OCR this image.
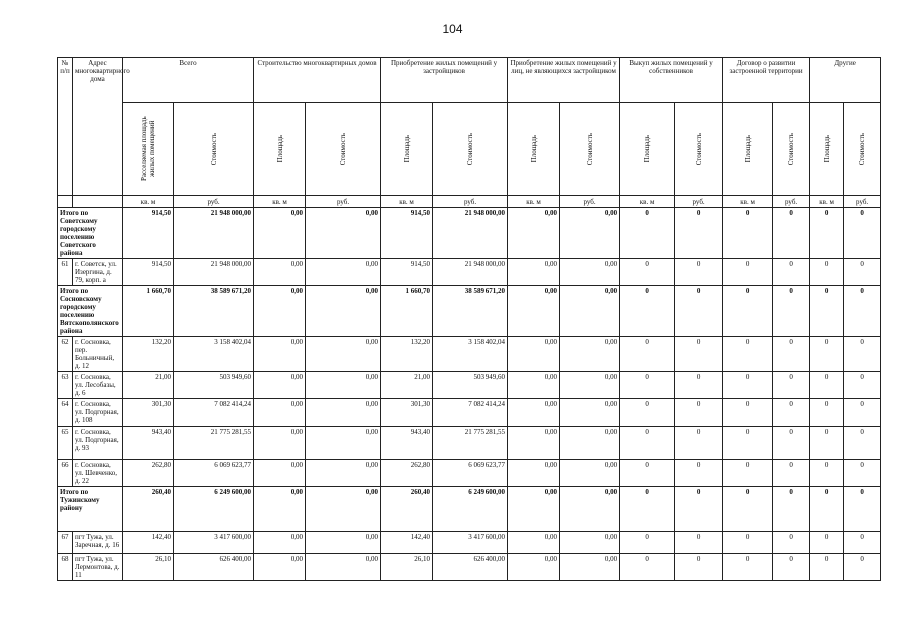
104
№ п/п	Адрес многоквартирного дома	Всего		Строительство многоквартирных домов		Приобретение жилых помещений у застройщиков		Приобретение жилых помещений у лиц, не являющихся застройщиком		Выкуп жилых помещений у собственников		Договор о развитии застроенной территории		Другие	

		Расселяемая площадь жилых помещений	Стоимость	Площадь	Стоимость	Площадь	Стоимость	Площадь	Стоимость	Площадь	Стоимость	Площадь	Стоимость	Площадь	Стоимость

		кв. м	руб.	кв. м	руб.	кв. м	руб.	кв. м	руб.	кв. м	руб.	кв. м	руб.	кв. м	руб.
Итого по Советскому городскому поселению Советского района		914,50	21 948 000,00	0,00	0,00	914,50	21 948 000,00	0,00	0,00	0	0	0	0	0	0
61	г. Советск, ул. Изергина, д. 79, корп. а	914,50	21 948 000,00	0,00	0,00	914,50	21 948 000,00	0,00	0,00	0	0	0	0	0	0
Итого по Сосновскому городскому поселению Вятскополянского района		1 660,70	38 589 671,20	0,00	0,00	1 660,70	38 589 671,20	0,00	0,00	0	0	0	0	0	0
62	г. Сосновка, пер. Больничный, д. 12	132,20	3 158 402,04	0,00	0,00	132,20	3 158 402,04	0,00	0,00	0	0	0	0	0	0
63	г. Сосновка, ул. Лесобазы, д. 6	21,00	503 949,60	0,00	0,00	21,00	503 949,60	0,00	0,00	0	0	0	0	0	0
64	г. Сосновка, ул. Подгорная, д. 108	301,30	7 082 414,24	0,00	0,00	301,30	7 082 414,24	0,00	0,00	0	0	0	0	0	0
65	г. Сосновка, ул. Подгорная, д. 93	943,40	21 775 281,55	0,00	0,00	943,40	21 775 281,55	0,00	0,00	0	0	0	0	0	0
66	г. Сосновка, ул. Шевченко, д. 22	262,80	6 069 623,77	0,00	0,00	262,80	6 069 623,77	0,00	0,00	0	0	0	0	0	0
Итого по Тужинскому району		260,40	6 249 600,00	0,00	0,00	260,40	6 249 600,00	0,00	0,00	0	0	0	0	0	0
67	пгт Тужа, ул. Заречная, д. 16	142,40	3 417 600,00	0,00	0,00	142,40	3 417 600,00	0,00	0,00	0	0	0	0	0	0
68	пгт Тужа, ул. Лермонтова, д. 11	26,10	626 400,00	0,00	0,00	26,10	626 400,00	0,00	0,00	0	0	0	0	0	0
